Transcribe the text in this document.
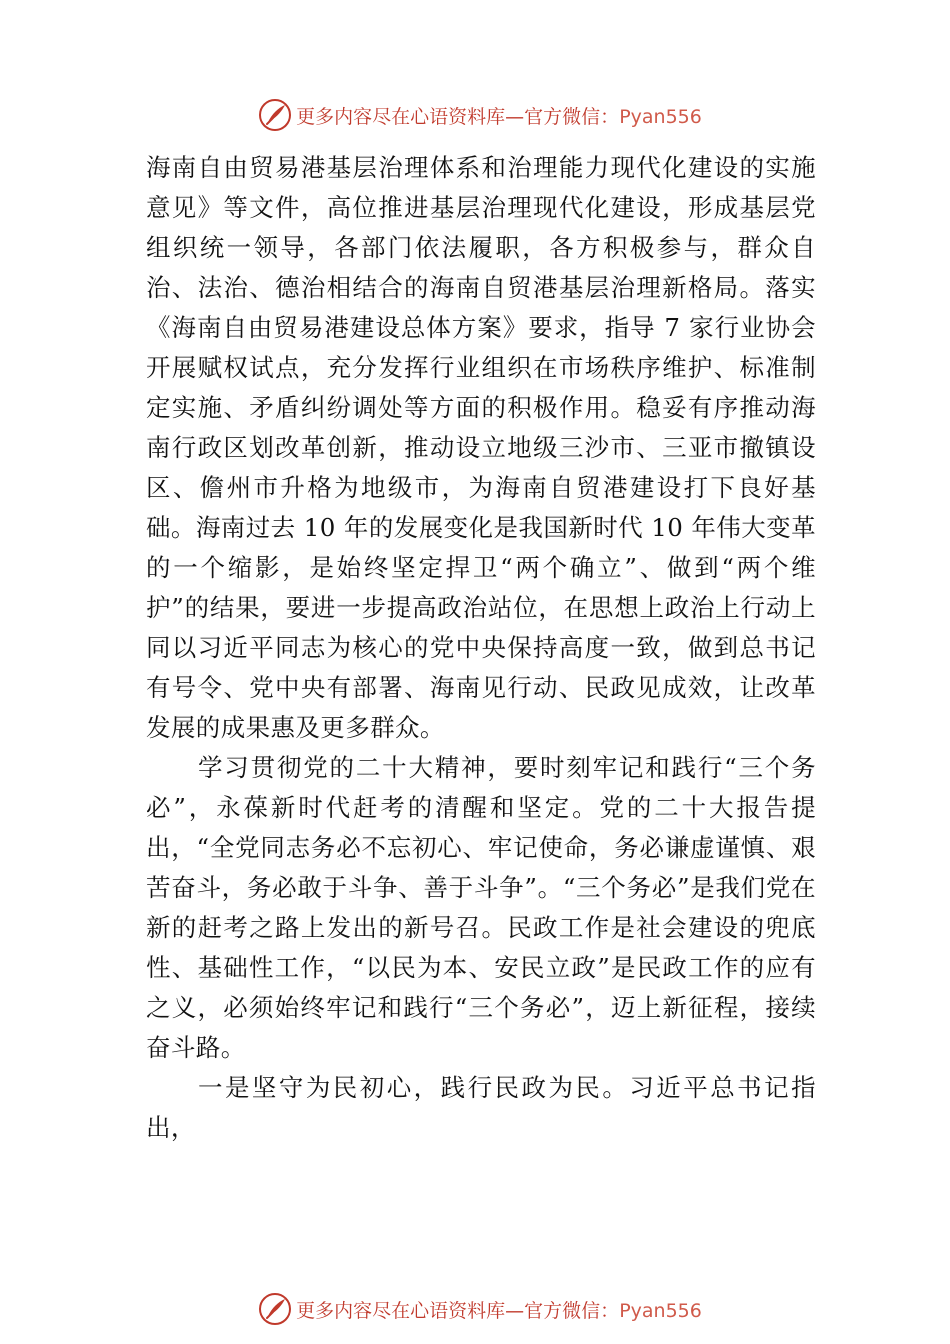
更多内容尽在心语资料库—官方微信：Pyan556

海南自由贸易港基层治理体系和治理能力现代化建设的实施意见》等文件，高位推进基层治理现代化建设，形成基层党组织统一领导，各部门依法履职，各方积极参与，群众自治、法治、德治相结合的海南自贸港基层治理新格局。落实《海南自由贸易港建设总体方案》要求，指导 7 家行业协会开展赋权试点，充分发挥行业组织在市场秩序维护、标准制定实施、矛盾纠纷调处等方面的积极作用。稳妥有序推动海南行政区划改革创新，推动设立地级三沙市、三亚市撤镇设区、儋州市升格为地级市，为海南自贸港建设打下良好基础。海南过去 10 年的发展变化是我国新时代 10 年伟大变革的一个缩影，是始终坚定捍卫“两个确立”、做到“两个维护”的结果，要进一步提高政治站位，在思想上政治上行动上同以习近平同志为核心的党中央保持高度一致，做到总书记有号令、党中央有部署、海南见行动、民政见成效，让改革发展的成果惠及更多群众。

学习贯彻党的二十大精神，要时刻牢记和践行“三个务必”，永葆新时代赶考的清醒和坚定。党的二十大报告提出，“全党同志务必不忘初心、牢记使命，务必谦虚谨慎、艰苦奋斗，务必敢于斗争、善于斗争”。“三个务必”是我们党在新的赶考之路上发出的新号召。民政工作是社会建设的兜底性、基础性工作，“以民为本、安民立政”是民政工作的应有之义，必须始终牢记和践行“三个务必”，迈上新征程，接续奋斗路。

一是坚守为民初心，践行民政为民。习近平总书记指出，

更多内容尽在心语资料库—官方微信：Pyan556
